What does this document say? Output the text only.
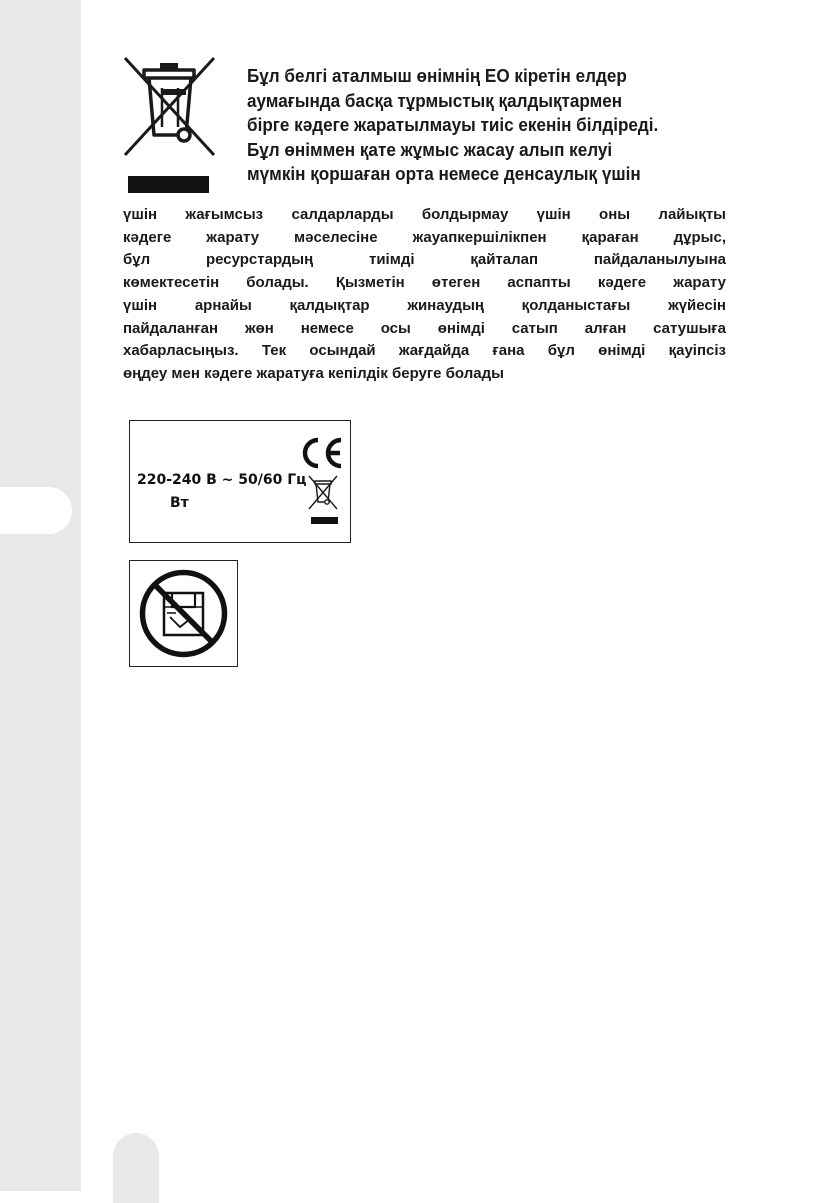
Бұл белгі аталмыш өнімнің ЕО кіретін елдер
аумағында басқа тұрмыстық қалдықтармен
бірге кәдеге жаратылмауы тиіс екенін білдіреді.
Бұл өніммен қате жұмыс жасау алып келуі
мүмкін қоршаған орта немесе денсаулық үшін
үшін жағымсыз салдарларды болдырмау үшін оны лайықты
кәдеге жарату мәселесіне жауапкершілікпен қараған дұрыс,
бұл ресурстардың тиімді қайталап пайдаланылуына
көмектесетін болады. Қызметін өтеген аспапты кәдеге жарату
үшін арнайы қалдықтар жинаудың қолданыстағы жүйесін
пайдаланған жөн немесе осы өнімді сатып алған сатушыға
хабарласыңыз. Тек осындай жағдайда ғана бұл өнімді қауіпсіз
өңдеу мен кәдеге жаратуға кепілдік беруге болады

220-240 В ~ 50/60 Гц

Вт
